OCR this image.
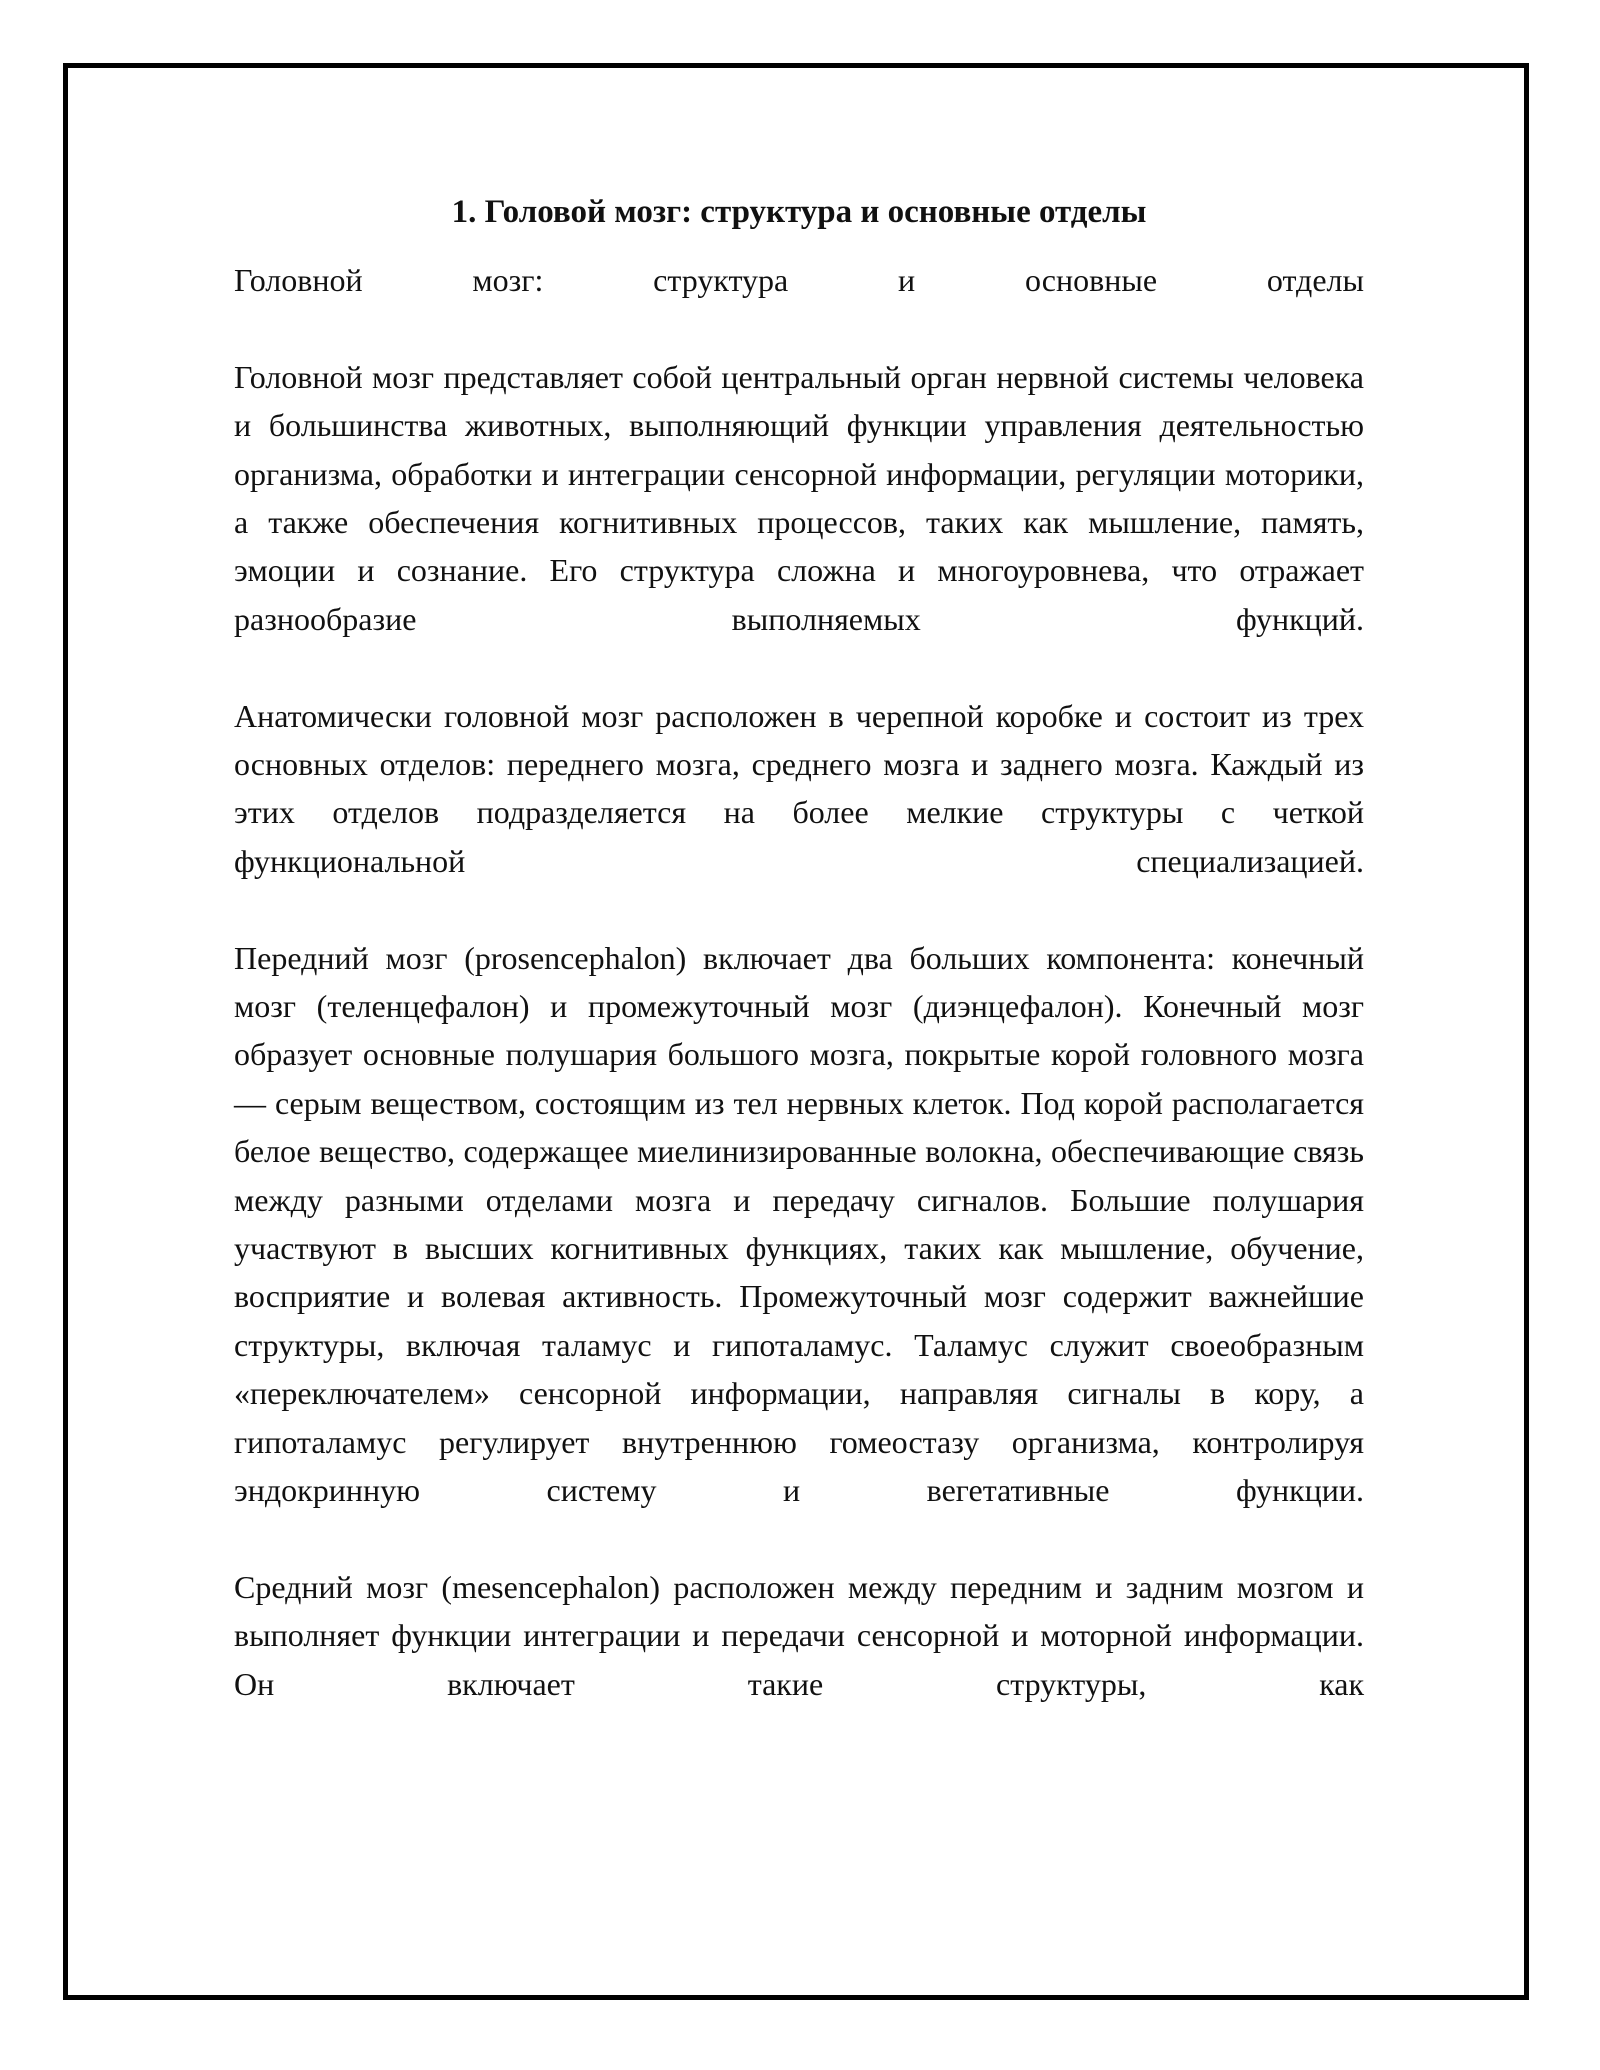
1. Головой мозг: структура и основные отделы

Головной мозг: структура и основные отделы

Головной мозг представляет собой центральный орган нервной системы человека и большинства животных, выполняющий функции управления деятельностью организма, обработки и интеграции сенсорной информации, регуляции моторики, а также обеспечения когнитивных процессов, таких как мышление, память, эмоции и сознание. Его структура сложна и многоуровнева, что отражает разнообразие выполняемых функций.

Анатомически головной мозг расположен в черепной коробке и состоит из трех основных отделов: переднего мозга, среднего мозга и заднего мозга. Каждый из этих отделов подразделяется на более мелкие структуры с четкой функциональной специализацией.

Передний мозг (prosencephalon) включает два больших компонента: конечный мозг (теленцефалон) и промежуточный мозг (диэнцефалон). Конечный мозг образует основные полушария большого мозга, покрытые корой головного мозга — серым веществом, состоящим из тел нервных клеток. Под корой располагается белое вещество, содержащее миелинизированные волокна, обеспечивающие связь между разными отделами мозга и передачу сигналов. Большие полушария участвуют в высших когнитивных функциях, таких как мышление, обучение, восприятие и волевая активность. Промежуточный мозг содержит важнейшие структуры, включая таламус и гипоталамус. Таламус служит своеобразным «переключателем» сенсорной информации, направляя сигналы в кору, а гипоталамус регулирует внутреннюю гомеостазу организма, контролируя эндокринную систему и вегетативные функции.

Средний мозг (mesencephalon) расположен между передним и задним мозгом и выполняет функции интеграции и передачи сенсорной и моторной информации. Он включает такие структуры, как
